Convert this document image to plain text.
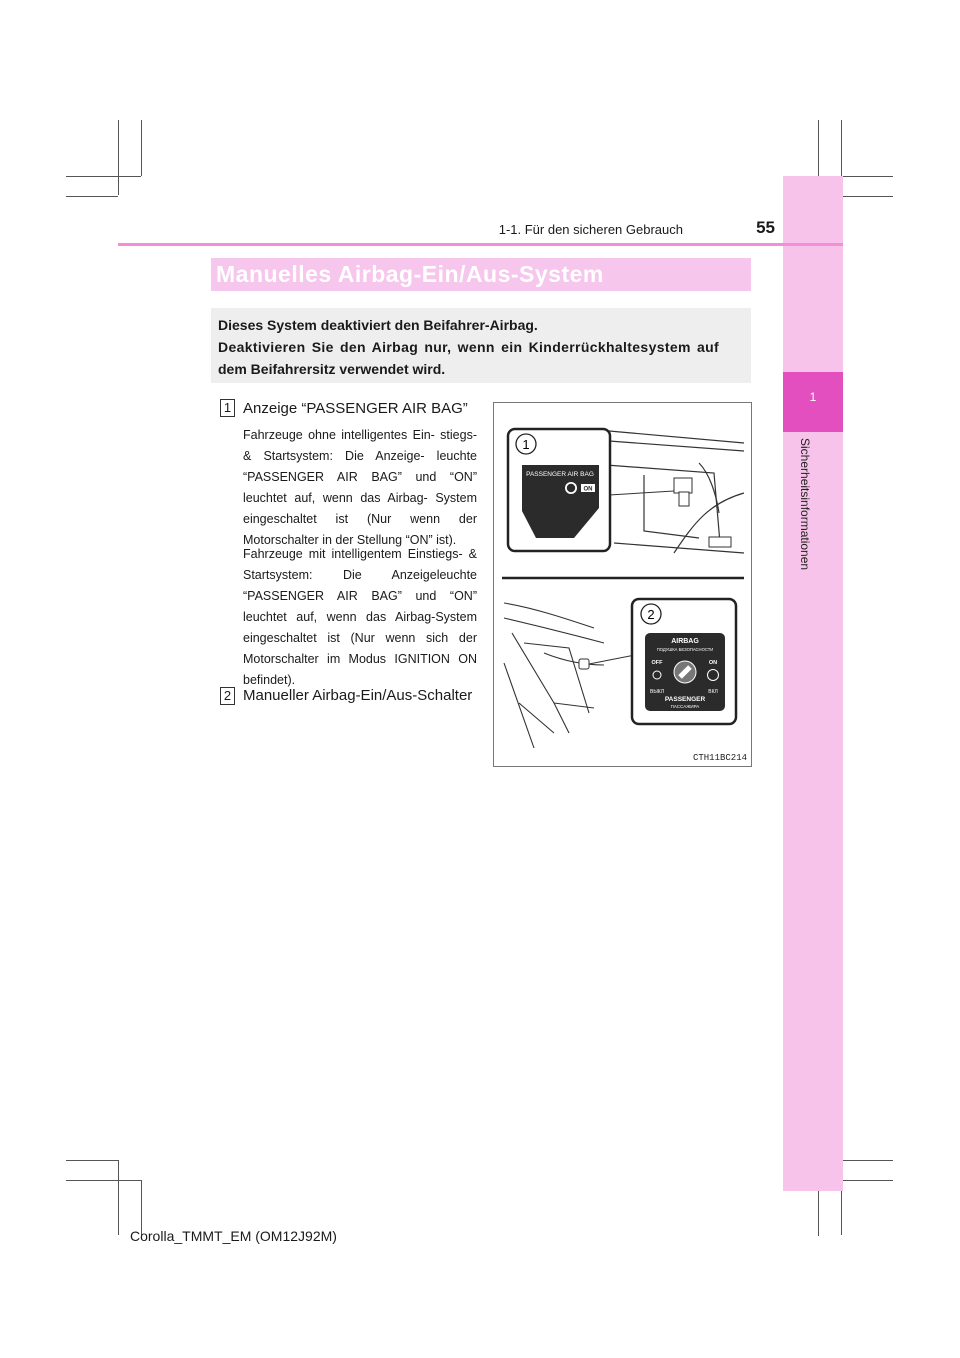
1
Sicherheitsinformationen
1-1. Für den sicheren Gebrauch	55
Manuelles Airbag-Ein/Aus-System

Dieses System deaktiviert den Beifahrer-Airbag.

Deaktivieren Sie den Airbag nur, wenn ein Kinderrückhaltesystem auf

dem Beifahrersitz verwendet wird.

1 Anzeige “PASSENGER AIR BAG”

Fahrzeuge ohne intelligentes Ein- stiegs- & Startsystem: Die Anzeige- leuchte “PASSENGER AIR BAG” und “ON” leuchtet auf, wenn das Airbag- System eingeschaltet ist (Nur wenn der Motorschalter in der Stellung “ON” ist).

Fahrzeuge mit intelligentem Einstiegs- & Startsystem: Die Anzeigeleuchte “PASSENGER AIR BAG” und “ON” leuchtet auf, wenn das Airbag-System eingeschaltet ist (Nur wenn sich der Motorschalter im Modus IGNITION ON befindet).

2 Manueller Airbag-Ein/Aus-Schalter
1
PASSENGER AIR BAG
ON
2
AIRBAG
ПОДУШКА БЕЗОПАСНОСТИ
OFF	ON
ВЫКЛ	ВКЛ
PASSENGER
ПАССАЖИРА
CTH11BC214
Corolla_TMMT_EM (OM12J92M)
